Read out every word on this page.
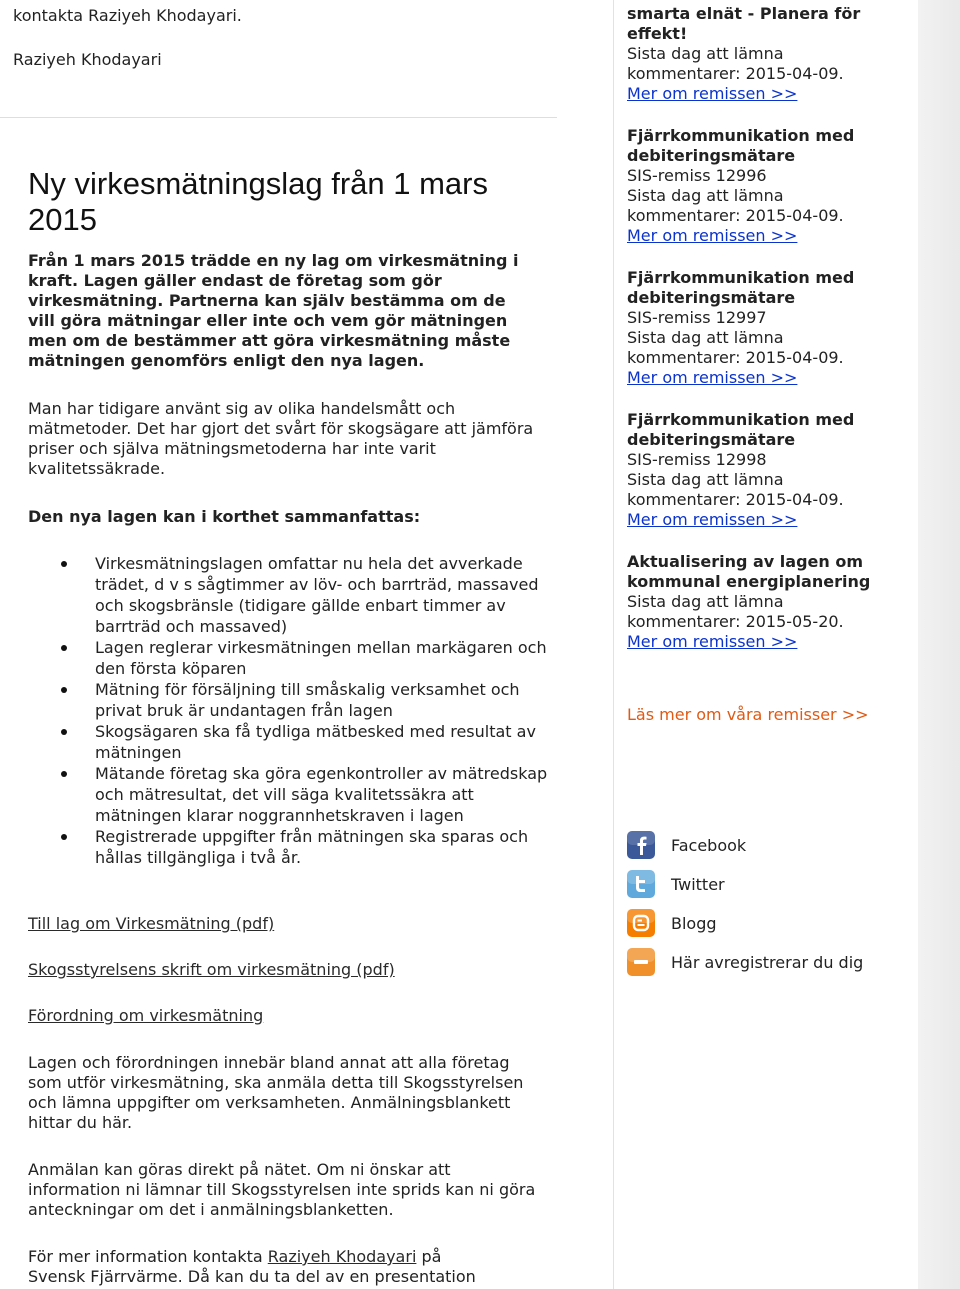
kontakta Raziyeh Khodayari.
Raziyeh Khodayari
Ny virkesmätningslag från 1 mars 2015
Från 1 mars 2015 trädde en ny lag om virkesmätning i kraft. Lagen gäller endast de företag som gör virkesmätning. Partnerna kan själv bestämma om de vill göra mätningar eller inte och vem gör mätningen men om de bestämmer att göra virkesmätning måste mätningen genomförs enligt den nya lagen.
Man har tidigare använt sig av olika handelsmått och mätmetoder. Det har gjort det svårt för skogsägare att jämföra priser och själva mätningsmetoderna har inte varit kvalitetssäkrade.
Den nya lagen kan i korthet sammanfattas:
Virkesmätningslagen omfattar nu hela det avverkade trädet, d v s sågtimmer av löv- och barrträd, massaved och skogsbränsle (tidigare gällde enbart timmer av barrträd och massaved)
Lagen reglerar virkesmätningen mellan markägaren och den första köparen
Mätning för försäljning till småskalig verksamhet och privat bruk är undantagen från lagen
Skogsägaren ska få tydliga mätbesked med resultat av mätningen
Mätande företag ska göra egenkontroller av mätredskap och mätresultat, det vill säga kvalitetssäkra att mätningen klarar noggrannhetskraven i lagen
Registrerade uppgifter från mätningen ska sparas och hållas tillgängliga i två år.
Till lag om Virkesmätning (pdf)
Skogsstyrelsens skrift om virkesmätning (pdf)
Förordning om virkesmätning
Lagen och förordningen innebär bland annat att alla företag som utför virkesmätning, ska anmäla detta till Skogsstyrelsen och lämna uppgifter om verksamheten. Anmälningsblankett hittar du här.
Anmälan kan göras direkt på nätet. Om ni önskar att information ni lämnar till Skogsstyrelsen inte sprids kan ni göra anteckningar om det i anmälningsblanketten.
För mer information kontakta Raziyeh Khodayari på
Svensk Fjärrvärme. Då kan du ta del av en presentation
smarta elnät - Planera för effekt!
Sista dag att lämna
kommentarer: 2015-04-09.
Mer om remissen >>
Fjärrkommunikation med debiteringsmätare
SIS-remiss 12996
Sista dag att lämna
kommentarer: 2015-04-09.
Mer om remissen >>
Fjärrkommunikation med debiteringsmätare
SIS-remiss 12997
Sista dag att lämna
kommentarer: 2015-04-09.
Mer om remissen >>
Fjärrkommunikation med debiteringsmätare
SIS-remiss 12998
Sista dag att lämna
kommentarer: 2015-04-09.
Mer om remissen >>
Aktualisering av lagen om kommunal energiplanering
Sista dag att lämna
kommentarer: 2015-05-20.
Mer om remissen >>
Läs mer om våra remisser >>
Facebook
Twitter
Blogg
Här avregistrerar du dig
